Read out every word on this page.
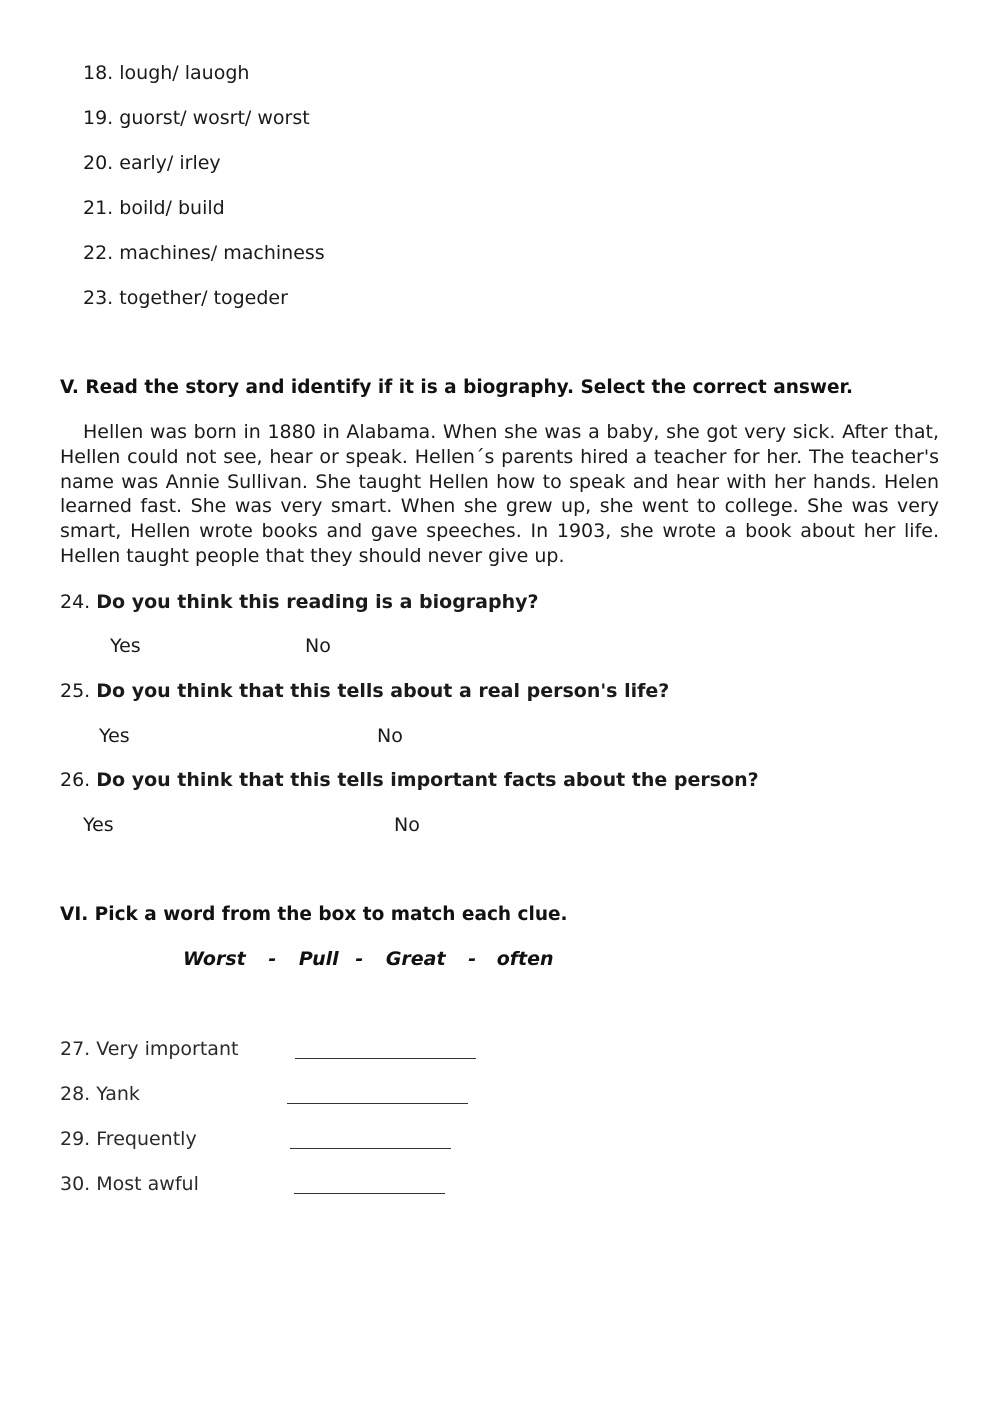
18. lough/ lauogh
19. guorst/ wosrt/ worst
20. early/ irley
21. boild/ build
22. machines/ machiness
23. together/ togeder
V. Read the story and identify if it is a biography. Select the correct answer.
Hellen was born in 1880 in Alabama. When she was a baby, she got very sick. After that, Hellen could not see, hear or speak. Hellen´s parents hired a teacher for her. The teacher's name was Annie Sullivan. She taught Hellen how to speak and hear with her hands. Helen learned fast. She was very smart. When she grew up, she went to college. She was very smart, Hellen wrote books and gave speeches. In 1903, she wrote a book about her life. Hellen taught people that they should never give up.
24. Do you think this reading is a biography?
Yes	No
25. Do you think that this tells about a real person's life?
Yes	No
26. Do you think that this tells important facts about the person?
Yes	No
VI. Pick a word from the box to match each clue.
Worst - Pull - Great - often
27. Very important
28. Yank
29. Frequently
30. Most awful
